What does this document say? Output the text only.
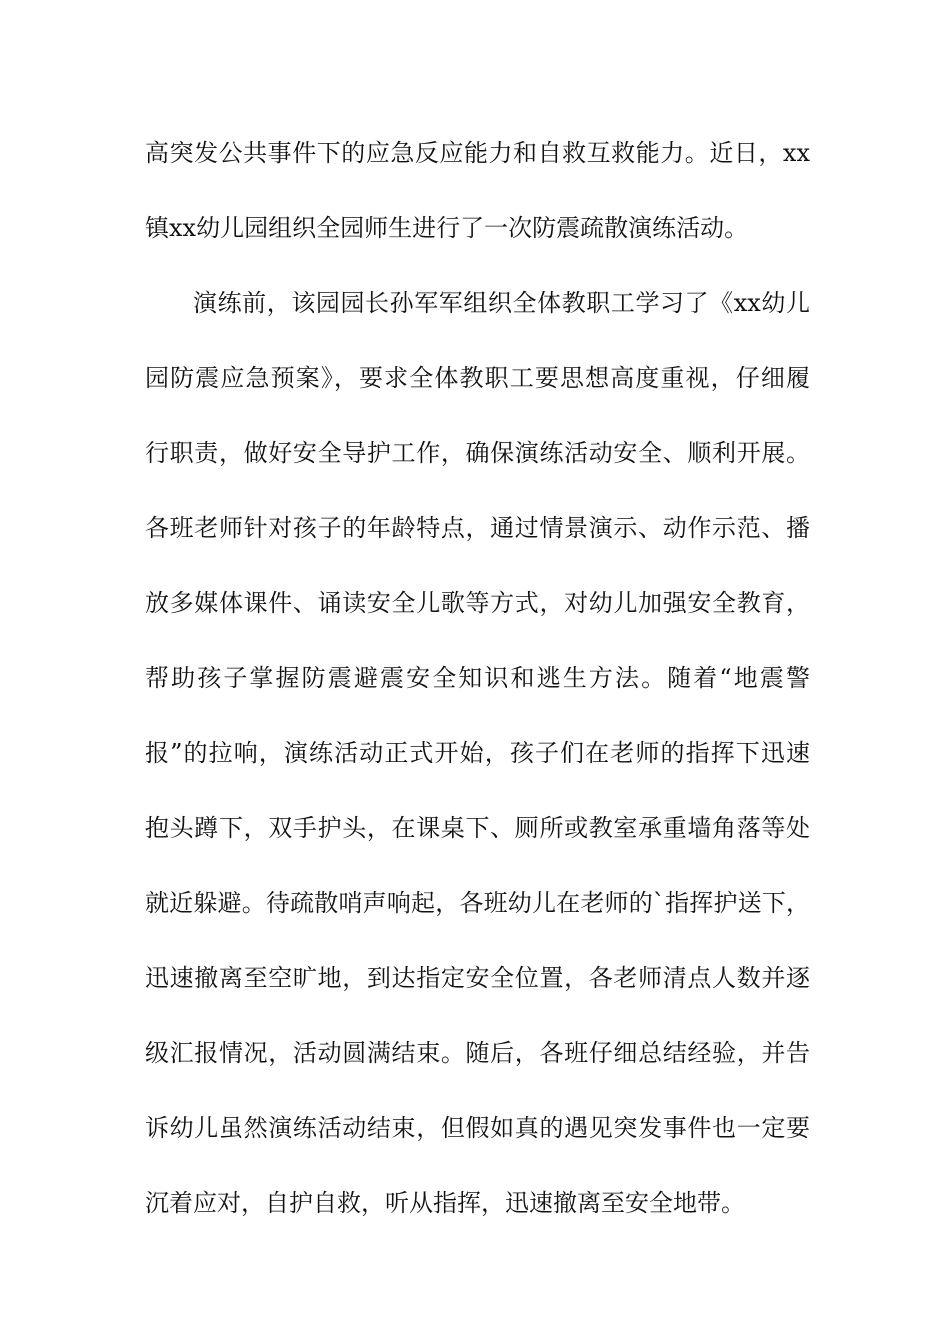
高突发公共事件下的应急反应能力和自救互救能力。近日，xx
镇xx幼儿园组织全园师生进行了一次防震疏散演练活动。
演练前，该园园长孙军军组织全体教职工学习了《xx幼儿
园防震应急预案》，要求全体教职工要思想高度重视，仔细履
行职责，做好安全导护工作，确保演练活动安全、顺利开展。
各班老师针对孩子的年龄特点，通过情景演示、动作示范、播
放多媒体课件、诵读安全儿歌等方式，对幼儿加强安全教育，
帮助孩子掌握防震避震安全知识和逃生方法。随着“地震警
报”的拉响，演练活动正式开始，孩子们在老师的指挥下迅速
抱头蹲下，双手护头，在课桌下、厕所或教室承重墙角落等处
就近躲避。待疏散哨声响起，各班幼儿在老师的`指挥护送下，
迅速撤离至空旷地，到达指定安全位置，各老师清点人数并逐
级汇报情况，活动圆满结束。随后，各班仔细总结经验，并告
诉幼儿虽然演练活动结束，但假如真的遇见突发事件也一定要
沉着应对，自护自救，听从指挥，迅速撤离至安全地带。
